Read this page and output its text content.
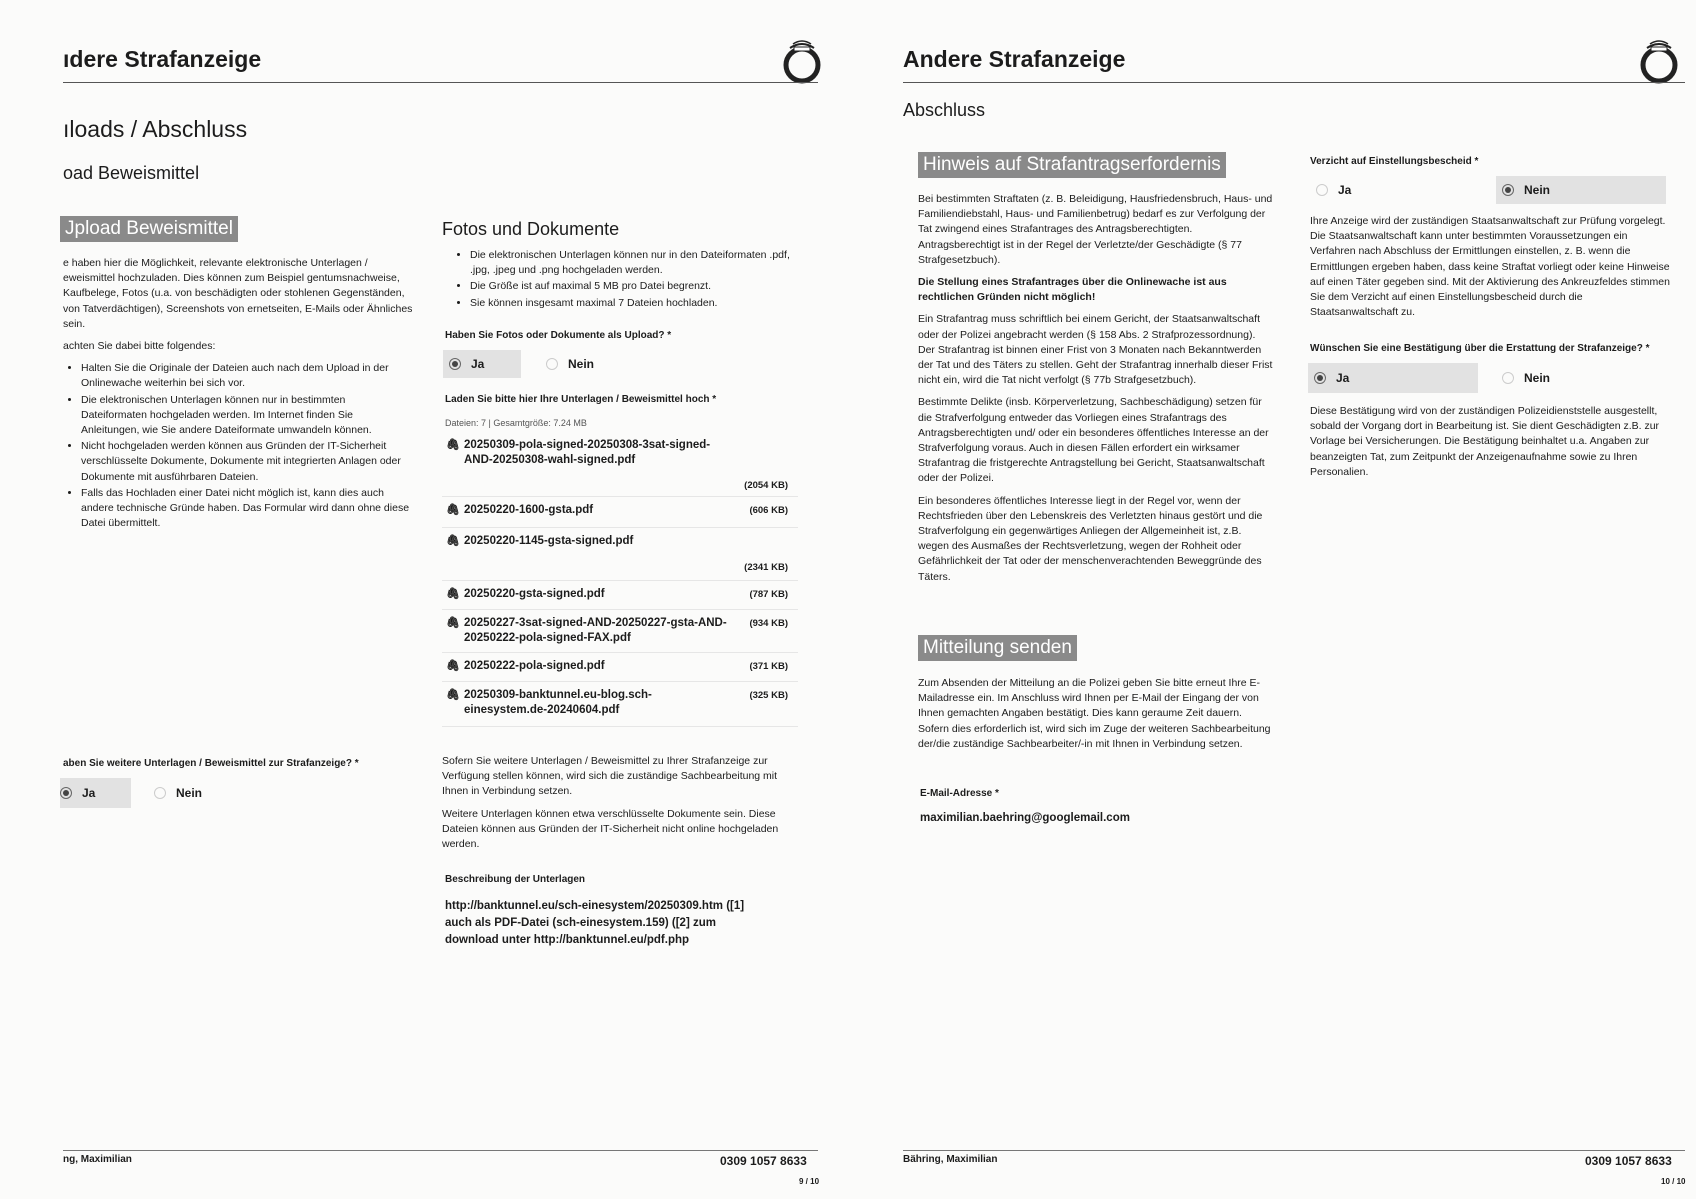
ıdere Strafanzeige
ıloads / Abschluss
oad Beweismittel
Jpload Beweismittel

e haben hier die Möglichkeit, relevante elektronische Unterlagen / eweismittel hochzuladen. Dies können zum Beispiel gentumsnachweise, Kaufbelege, Fotos (u.a. von beschädigten oder stohlenen Gegenständen, von Tatverdächtigen), Screenshots von ernetseiten, E-Mails oder Ähnliches sein.

achten Sie dabei bitte folgendes:

• Halten Sie die Originale der Dateien auch nach dem Upload in der Onlinewache weiterhin bei sich vor.
• Die elektronischen Unterlagen können nur in bestimmten Dateiformaten hochgeladen werden. Im Internet finden Sie Anleitungen, wie Sie andere Dateiformate umwandeln können.
• Nicht hochgeladen werden können aus Gründen der IT-Sicherheit verschlüsselte Dokumente, Dokumente mit integrierten Anlagen oder Dokumente mit ausführbaren Dateien.
• Falls das Hochladen einer Datei nicht möglich ist, kann dies auch andere technische Gründe haben. Das Formular wird dann ohne diese Datei übermittelt.
Fotos und Dokumente
• Die elektronischen Unterlagen können nur in den Dateiformaten .pdf, .jpg, .jpeg und .png hochgeladen werden.
• Die Größe ist auf maximal 5 MB pro Datei begrenzt.
• Sie können insgesamt maximal 7 Dateien hochladen.
Haben Sie Fotos oder Dokumente als Upload? *
Ja	Nein
Laden Sie bitte hier Ihre Unterlagen / Beweismittel hoch *
Dateien: 7 | Gesamtgröße: 7.24 MB
🖇 20250309-pola-signed-20250308-3sat-signed-AND-20250308-wahl-signed.pdf
(2054 KB)
🖇 20250220-1600-gsta.pdf	(606 KB)
🖇 20250220-1145-gsta-signed.pdf
(2341 KB)
🖇 20250220-gsta-signed.pdf	(787 KB)
🖇 20250227-3sat-signed-AND-20250227-gsta-AND-20250222-pola-signed-FAX.pdf
(934 KB)
🖇 20250222-pola-signed.pdf	(371 KB)
🖇 20250309-banktunnel.eu-blog.sch-einesystem.de-20240604.pdf
(325 KB)
aben Sie weitere Unterlagen / Beweismittel zur Strafanzeige? *
Ja	Nein

Sofern Sie weitere Unterlagen / Beweismittel zu Ihrer Strafanzeige zur Verfügung stellen können, wird sich die zuständige Sachbearbeitung mit Ihnen in Verbindung setzen.

Weitere Unterlagen können etwa verschlüsselte Dokumente sein. Diese Dateien können aus Gründen der IT-Sicherheit nicht online hochgeladen werden.

Beschreibung der Unterlagen
http://banktunnel.eu/sch-einesystem/20250309.htm ([1] auch als PDF-Datei (sch-einesystem.159) ([2] zum download unter http://banktunnel.eu/pdf.php
ng, Maximilian	0309 1057 8633
9 / 10
Andere Strafanzeige
Abschluss
Hinweis auf Strafantragserfordernis

Bei bestimmten Straftaten (z. B. Beleidigung, Hausfriedensbruch, Haus- und Familiendiebstahl, Haus- und Familienbetrug) bedarf es zur Verfolgung der Tat zwingend eines Strafantrages des Antragsberechtigten. Antragsberechtigt ist in der Regel der Verletzte/der Geschädigte (§ 77 Strafgesetzbuch).

Die Stellung eines Strafantrages über die Onlinewache ist aus rechtlichen Gründen nicht möglich!

Ein Strafantrag muss schriftlich bei einem Gericht, der Staatsanwaltschaft oder der Polizei angebracht werden (§ 158 Abs. 2 Strafprozessordnung). Der Strafantrag ist binnen einer Frist von 3 Monaten nach Bekanntwerden der Tat und des Täters zu stellen. Geht der Strafantrag innerhalb dieser Frist nicht ein, wird die Tat nicht verfolgt (§ 77b Strafgesetzbuch).

Bestimmte Delikte (insb. Körperverletzung, Sachbeschädigung) setzen für die Strafverfolgung entweder das Vorliegen eines Strafantrags des Antragsberechtigten und/ oder ein besonderes öffentliches Interesse an der Strafverfolgung voraus. Auch in diesen Fällen erfordert ein wirksamer Strafantrag die fristgerechte Antragstellung bei Gericht, Staatsanwaltschaft oder der Polizei.

Ein besonderes öffentliches Interesse liegt in der Regel vor, wenn der Rechtsfrieden über den Lebenskreis des Verletzten hinaus gestört und die Strafverfolgung ein gegenwärtiges Anliegen der Allgemeinheit ist, z.B. wegen des Ausmaßes der Rechtsverletzung, wegen der Rohheit oder Gefährlichkeit der Tat oder der menschenverachtenden Beweggründe des Täters.

Mitteilung senden
Zum Absenden der Mitteilung an die Polizei geben Sie bitte erneut Ihre E-Mailadresse ein. Im Anschluss wird Ihnen per E-Mail der Eingang der von Ihnen gemachten Angaben bestätigt. Dies kann geraume Zeit dauern. Sofern dies erforderlich ist, wird sich im Zuge der weiteren Sachbearbeitung der/die zuständige Sachbearbeiter/-in mit Ihnen in Verbindung setzen.
E-Mail-Adresse *
maximilian.baehring@googlemail.com
Verzicht auf Einstellungsbescheid *
Ja	Nein
Ihre Anzeige wird der zuständigen Staatsanwaltschaft zur Prüfung vorgelegt. Die Staatsanwaltschaft kann unter bestimmten Voraussetzungen ein Verfahren nach Abschluss der Ermittlungen einstellen, z. B. wenn die Ermittlungen ergeben haben, dass keine Straftat vorliegt oder keine Hinweise auf einen Täter gegeben sind. Mit der Aktivierung des Ankreuzfeldes stimmen Sie dem Verzicht auf einen Einstellungsbescheid durch die Staatsanwaltschaft zu.
Wünschen Sie eine Bestätigung über die Erstattung der Strafanzeige? *
Ja	Nein
Diese Bestätigung wird von der zuständigen Polizeidienststelle ausgestellt, sobald der Vorgang dort in Bearbeitung ist. Sie dient Geschädigten z.B. zur Vorlage bei Versicherungen. Die Bestätigung beinhaltet u.a. Angaben zur beanzeigten Tat, zum Zeitpunkt der Anzeigenaufnahme sowie zu Ihren Personalien.
Bähring, Maximilian	0309 1057 8633
10 / 10
